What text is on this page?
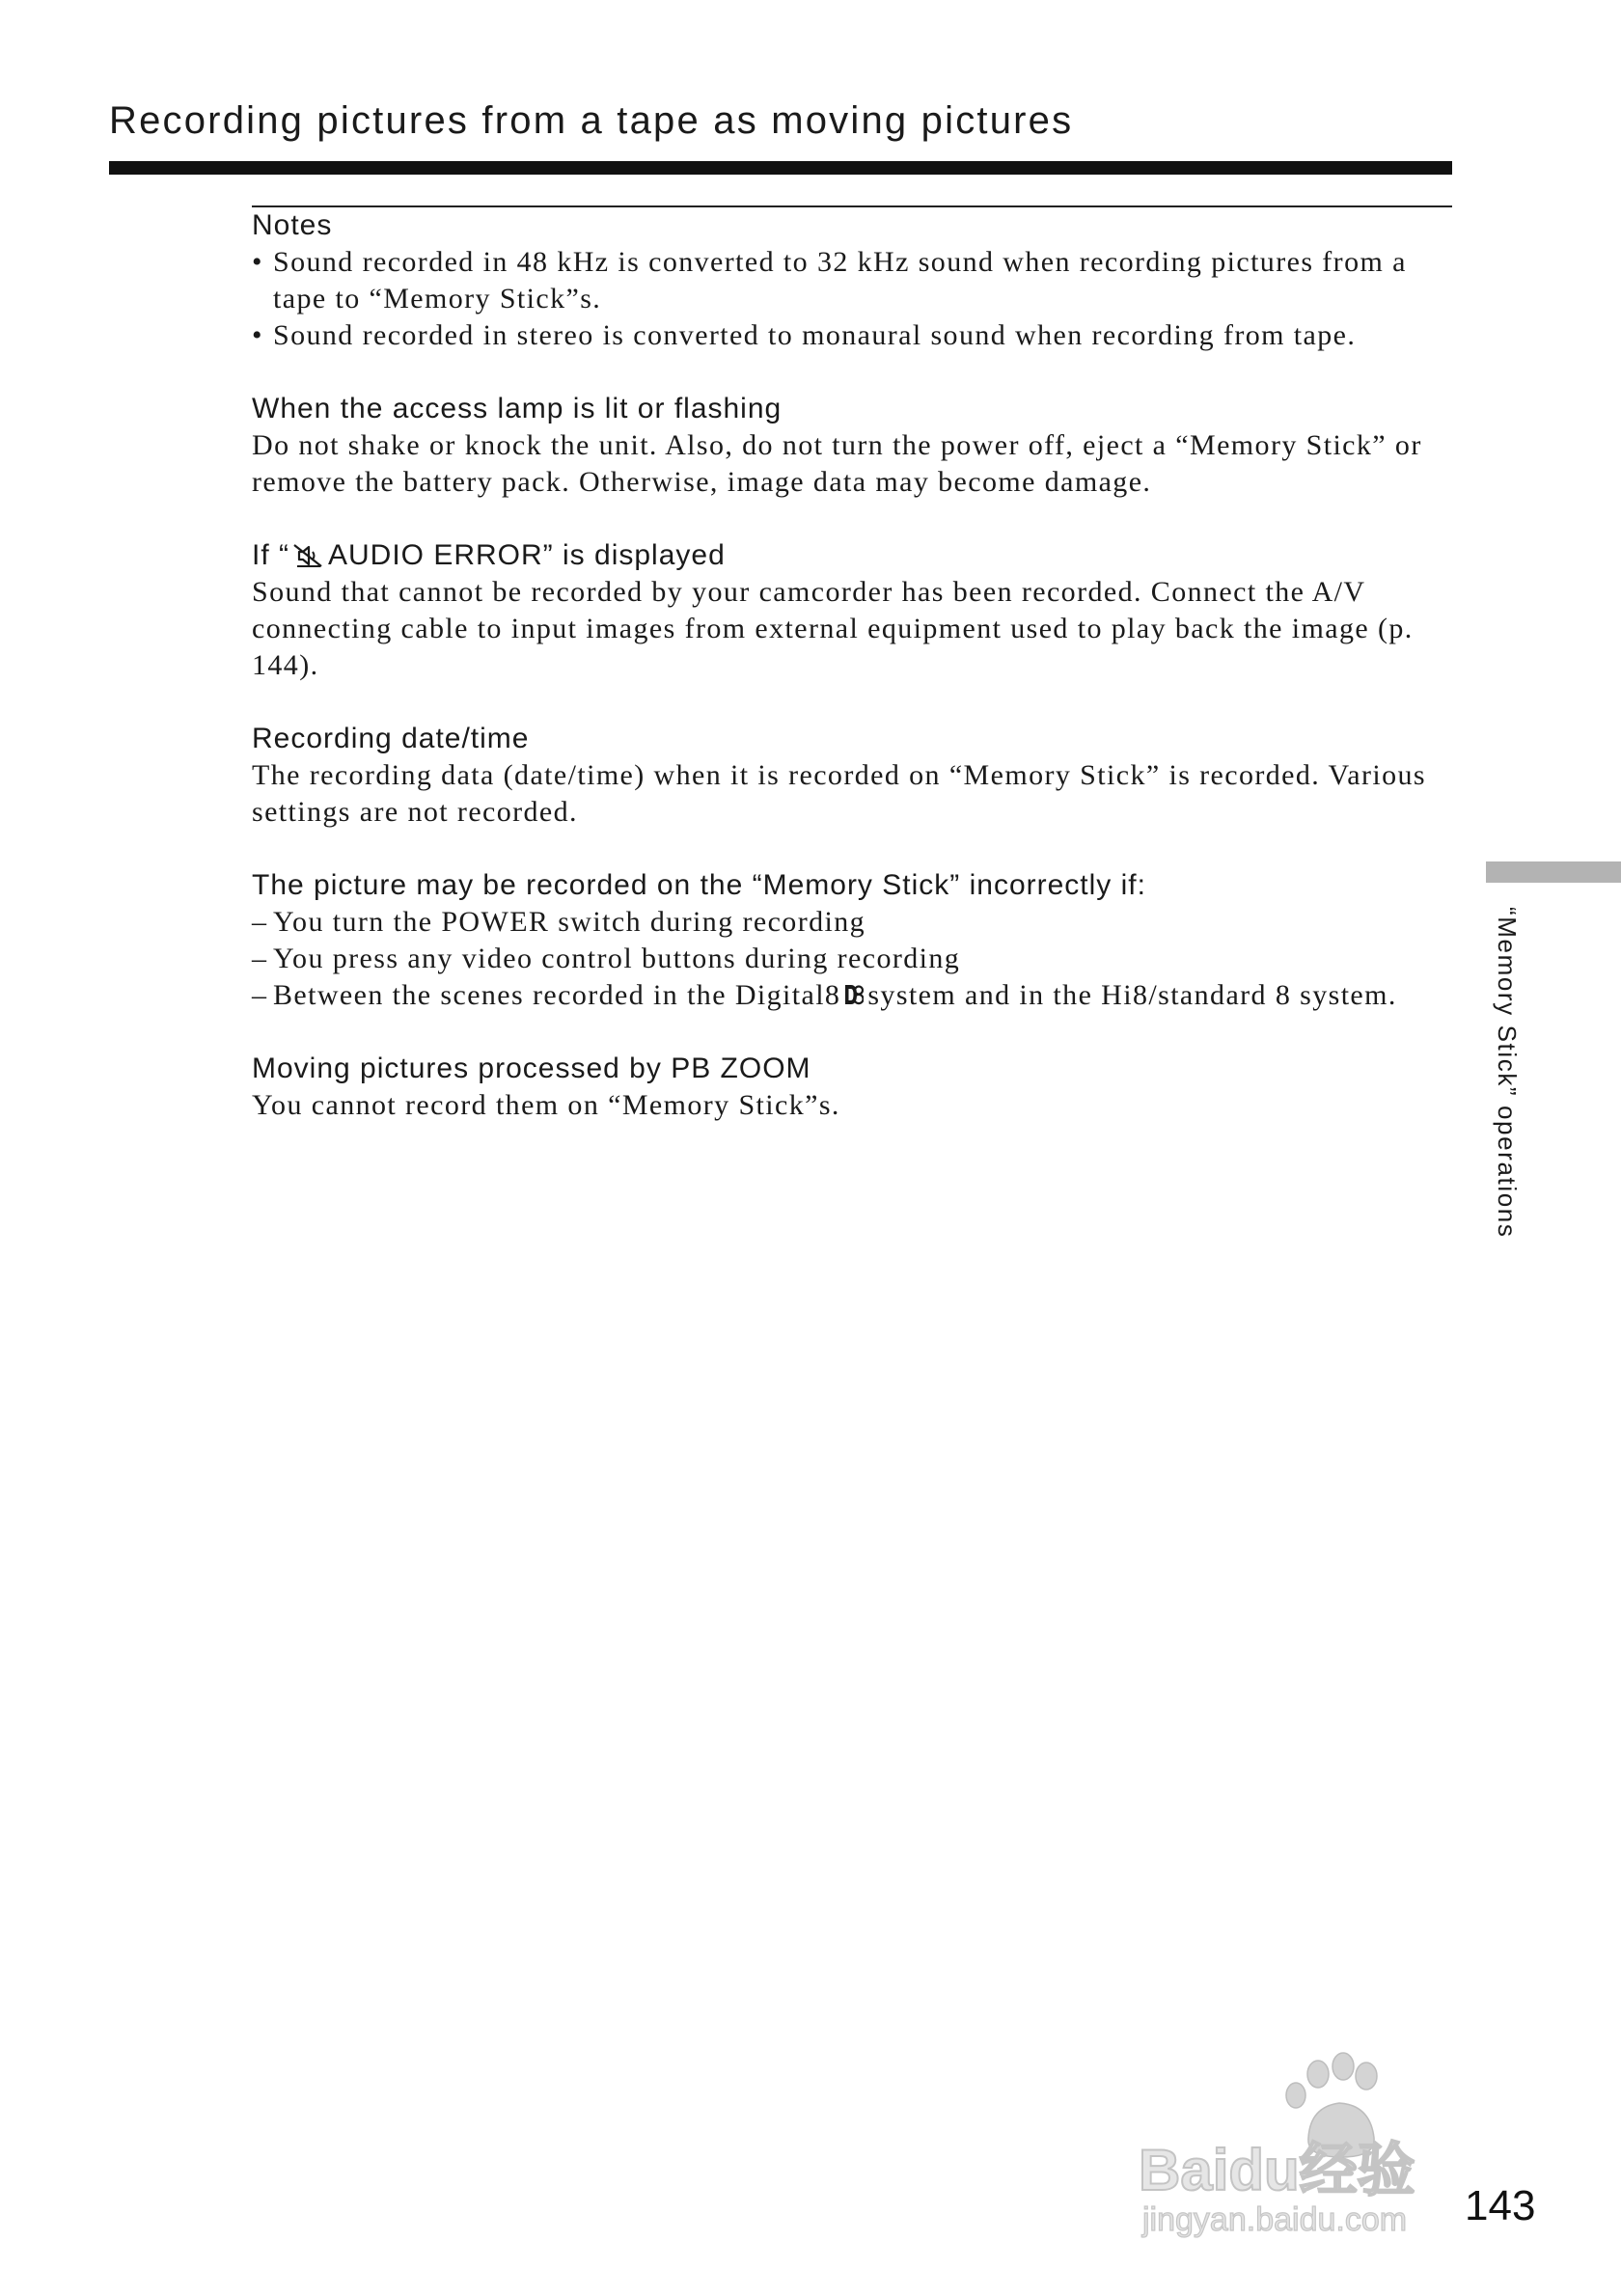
Recording pictures from a tape as moving pictures
Notes
• Sound recorded in 48 kHz is converted to 32 kHz sound when recording pictures from a tape to “Memory Stick”s.
• Sound recorded in stereo is converted to monaural sound when recording from tape.
When the access lamp is lit or flashing
Do not shake or knock the unit. Also, do not turn the power off, eject a “Memory Stick” or remove the battery pack. Otherwise, image data may become damage.
If “ AUDIO ERROR” is displayed
Sound that cannot be recorded by your camcorder has been recorded. Connect the A/V connecting cable to input images from external equipment used to play back the image (p. 144).
Recording date/time
The recording data (date/time) when it is recorded on “Memory Stick” is recorded. Various settings are not recorded.
The picture may be recorded on the “Memory Stick” incorrectly if:
– You turn the POWER switch during recording
– You press any video control buttons during recording
– Between the scenes recorded in the Digital8 system and in the Hi8/standard 8 system.
Moving pictures processed by PB ZOOM
You cannot record them on “Memory Stick”s.	“Memory Stick” operations
Baidu经验
jingyan.baidu.com 143
